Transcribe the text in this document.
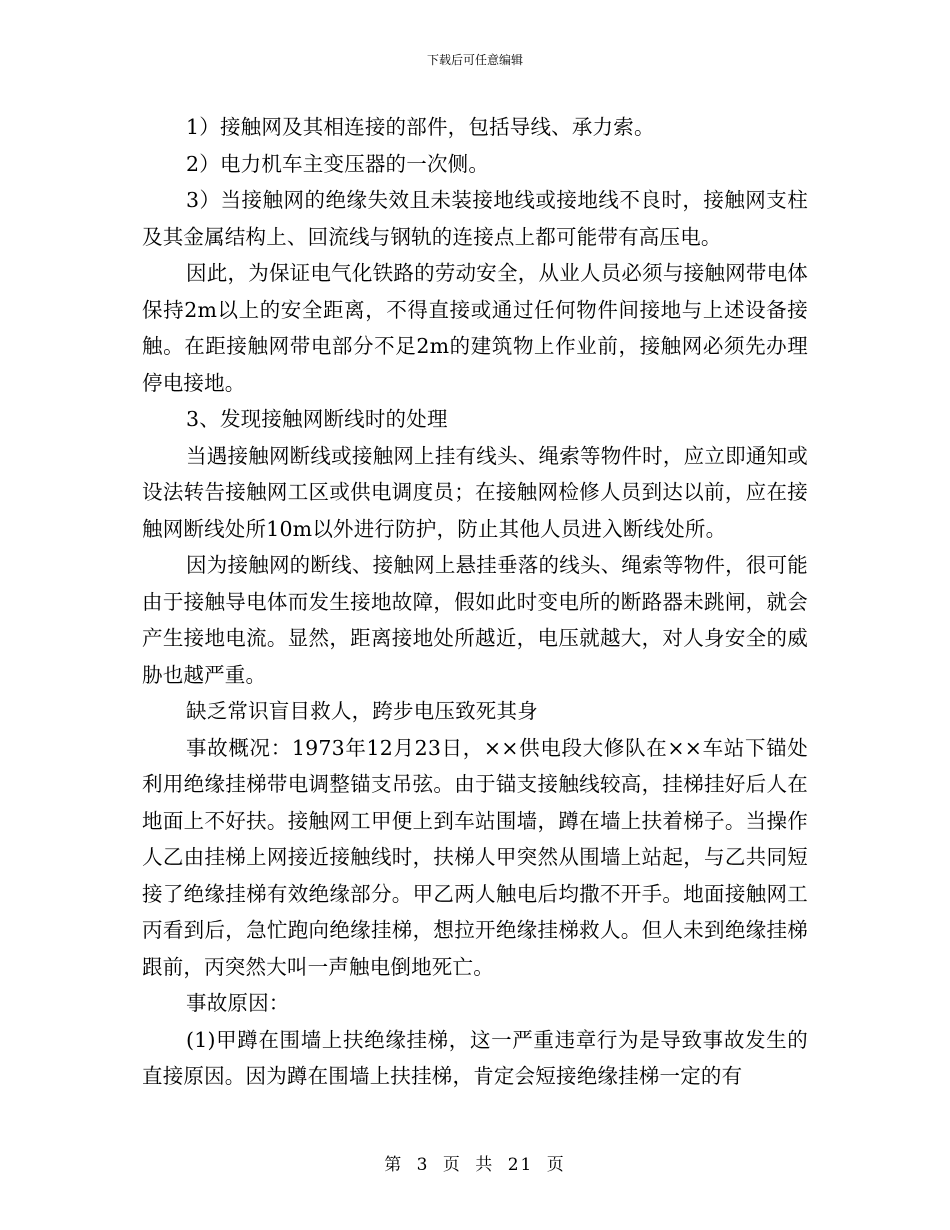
下载后可任意编辑

1）接触网及其相连接的部件，包括导线、承力索。

2）电力机车主变压器的一次侧。

3）当接触网的绝缘失效且未装接地线或接地线不良时，接触网支柱及其金属结构上、回流线与钢轨的连接点上都可能带有高压电。

因此，为保证电气化铁路的劳动安全，从业人员必须与接触网带电体保持2m以上的安全距离，不得直接或通过任何物件间接地与上述设备接触。在距接触网带电部分不足2m的建筑物上作业前，接触网必须先办理停电接地。

3、发现接触网断线时的处理

当遇接触网断线或接触网上挂有线头、绳索等物件时，应立即通知或设法转告接触网工区或供电调度员；在接触网检修人员到达以前，应在接触网断线处所10m以外进行防护，防止其他人员进入断线处所。

因为接触网的断线、接触网上悬挂垂落的线头、绳索等物件，很可能由于接触导电体而发生接地故障，假如此时变电所的断路器未跳闸，就会产生接地电流。显然，距离接地处所越近，电压就越大，对人身安全的威胁也越严重。

缺乏常识盲目救人，跨步电压致死其身

事故概况：1973年12月23日，××供电段大修队在××车站下锚处利用绝缘挂梯带电调整锚支吊弦。由于锚支接触线较高，挂梯挂好后人在地面上不好扶。接触网工甲便上到车站围墙，蹲在墙上扶着梯子。当操作人乙由挂梯上网接近接触线时，扶梯人甲突然从围墙上站起，与乙共同短接了绝缘挂梯有效绝缘部分。甲乙两人触电后均撒不开手。地面接触网工丙看到后，急忙跑向绝缘挂梯，想拉开绝缘挂梯救人。但人未到绝缘挂梯跟前，丙突然大叫一声触电倒地死亡。

事故原因：

(1)甲蹲在围墙上扶绝缘挂梯，这一严重违章行为是导致事故发生的直接原因。因为蹲在围墙上扶挂梯，肯定会短接绝缘挂梯一定的有

第 3 页 共 21 页
